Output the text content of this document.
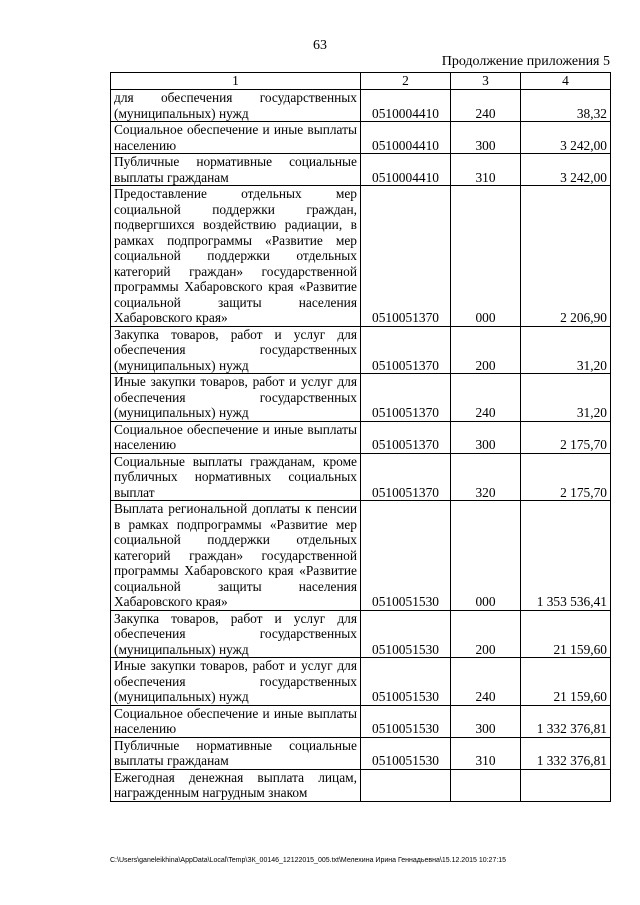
63
Продолжение приложения 5
1	2	3	4
для обеспечения государственных (муниципальных) нужд	0510004410	240	38,32
Социальное обеспечение и иные выплаты населению	0510004410	300	3 242,00
Публичные нормативные социальные выплаты гражданам	0510004410	310	3 242,00
Предоставление отдельных мер социальной поддержки граждан, подвергшихся воздействию радиации, в рамках подпрограммы «Развитие мер социальной поддержки отдельных категорий граждан» государственной программы Хабаровского края «Развитие социальной защиты населения Хабаровского края»	0510051370	000	2 206,90
Закупка товаров, работ и услуг для обеспечения государственных (муниципальных) нужд	0510051370	200	31,20
Иные закупки товаров, работ и услуг для обеспечения государственных (муниципальных) нужд	0510051370	240	31,20
Социальное обеспечение и иные выплаты населению	0510051370	300	2 175,70
Социальные выплаты гражданам, кроме публичных нормативных социальных выплат	0510051370	320	2 175,70
Выплата региональной доплаты к пенсии в рамках подпрограммы «Развитие мер социальной поддержки отдельных категорий граждан» государственной программы Хабаровского края «Развитие социальной защиты населения Хабаровского края»	0510051530	000	1 353 536,41
Закупка товаров, работ и услуг для обеспечения государственных (муниципальных) нужд	0510051530	200	21 159,60
Иные закупки товаров, работ и услуг для обеспечения государственных (муниципальных) нужд	0510051530	240	21 159,60
Социальное обеспечение и иные выплаты населению	0510051530	300	1 332 376,81
Публичные нормативные социальные выплаты гражданам	0510051530	310	1 332 376,81
Ежегодная денежная выплата лицам, награжденным нагрудным знаком			
C:\Users\ganeleikhina\AppData\Local\Temp\ЗК_00146_12122015_005.txt\Мелехина Ирина Геннадьевна\15.12.2015 10:27:15
